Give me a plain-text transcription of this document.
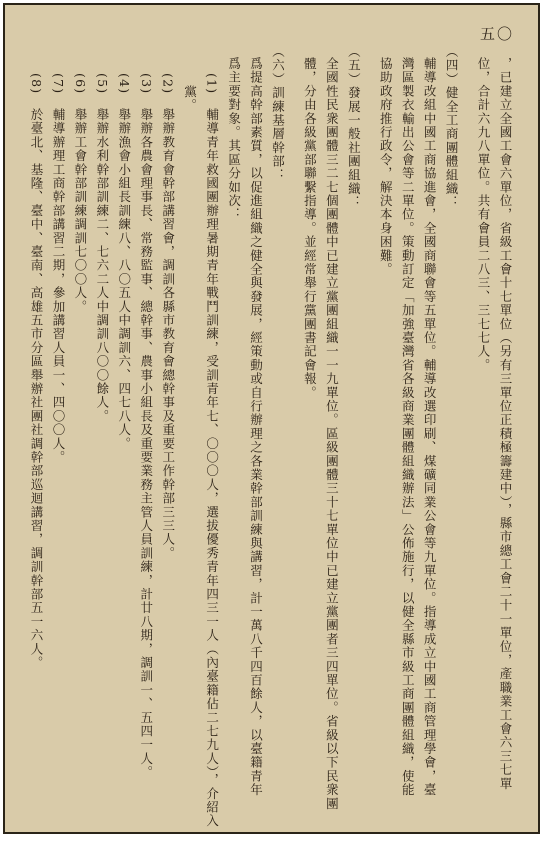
五〇
，已建立全國工會六單位，省級工會十七單位（另有三單位正積極籌建中），縣市總工會二十一單位，產職業工會六三七單
位，合計六九八單位。共有會員二八三、三七七人。
（四）健全工商團體組織：
輔導改組中國工商協進會，全國商聯會等五單位。輔導改選印刷、煤礦同業公會等九單位。指導成立中國工商管理學會，臺
灣區製衣輸出公會等二單位。策動訂定「加強臺灣省各級商業團體組織辦法」公佈施行，以健全縣市級工商團體組織，使能
協助政府推行政令，解決本身困難。
（五）發展一般社團組織：
全國性民衆團體三二七個團體中已建立黨團組織一一九單位。區級團體三十七單位中已建立黨團者三四單位。省級以下民衆團
體，分由各級黨部聯繫指導。並經常舉行黨團書記會報。
（六）訓練基層幹部：
爲提高幹部素質，以促進組織之健全與發展，經策動或自行辦理之各業幹部訓練與講習，計一萬八千四百餘人，以臺籍青年
爲主要對象。其區分如次：
(1)　輔導青年救國團辦理暑期青年戰鬥訓練，受訓青年七、〇〇〇人，選拔優秀青年四三一人（內臺籍佔二七九人），介紹入
黨。
(2)　舉辦教育會幹部講習會，調訓各縣市教育會總幹事及重要工作幹部三三人。
(3)　舉辦各農會理事長、常務監事、總幹事、農事小組長及重要業務主管人員訓練，計廿八期，調訓一、五四一人。
(4)　舉辦漁會小組長訓練八、八〇五人中調訓六、四七八人。
(5)　舉辦水利幹部訓練二、七六二人中調訓八〇〇餘人。
(6)　舉辦工會幹部訓練調訓七〇〇人。
(7)　輔導辦理工商幹部講習二期，參加講習人員一、四〇〇人。
(8)　於臺北、基隆、臺中、臺南、高雄五市分區舉辦社團社調幹部巡迴講習，調訓幹部五一六人。
